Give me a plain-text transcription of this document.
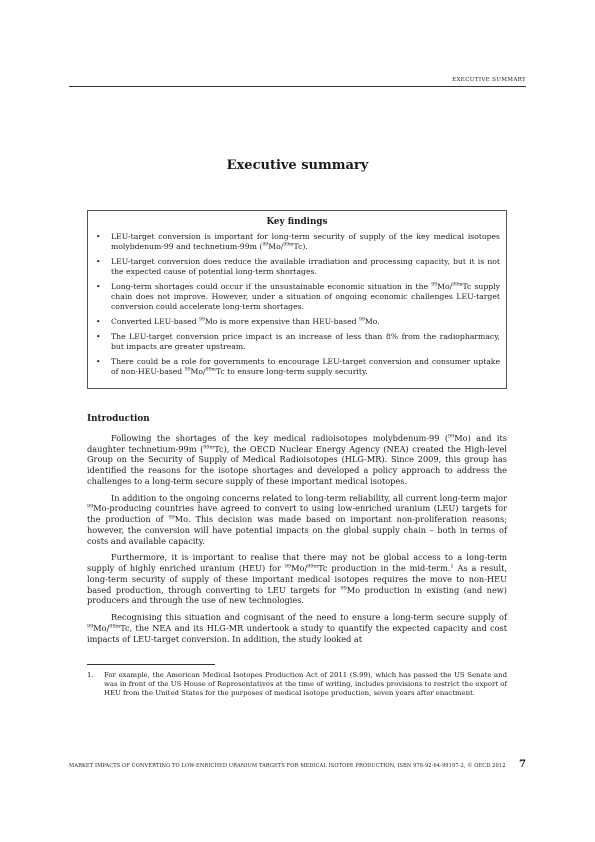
EXECUTIVE SUMMARY
Executive summary
Key findings
• LEU-target conversion is important for long-term security of supply of the key medical isotopes molybdenum-99 and technetium-99m ($^{99}$Mo/$^{99m}$Tc).
• LEU-target conversion does reduce the available irradiation and processing capacity, but it is not the expected cause of potential long-term shortages.
• Long-term shortages could occur if the unsustainable economic situation in the $^{99}$Mo/$^{99m}$Tc supply chain does not improve. However, under a situation of ongoing economic challenges LEU-target conversion could accelerate long-term shortages.
• Converted LEU-based $^{99}$Mo is more expensive than HEU-based $^{99}$Mo.
• The LEU-target conversion price impact is an increase of less than 8% from the radiopharmacy, but impacts are greater upstream.
• There could be a role for governments to encourage LEU-target conversion and consumer uptake of non-HEU-based $^{99}$Mo/$^{99m}$Tc to ensure long-term supply security.
Introduction

Following the shortages of the key medical radioisotopes molybdenum-99 ($^{99}$Mo) and its daughter technetium-99m ($^{99m}$Tc), the OECD Nuclear Energy Agency (NEA) created the High-level Group on the Security of Supply of Medical Radioisotopes (HLG-MR). Since 2009, this group has identified the reasons for the isotope shortages and developed a policy approach to address the challenges to a long-term secure supply of these important medical isotopes.

In addition to the ongoing concerns related to long-term reliability, all current long-term major $^{99}$Mo-producing countries have agreed to convert to using low-enriched uranium (LEU) targets for the production of $^{99}$Mo. This decision was made based on important non-proliferation reasons; however, the conversion will have potential impacts on the global supply chain – both in terms of costs and available capacity.

Furthermore, it is important to realise that there may not be global access to a long-term supply of highly enriched uranium (HEU) for $^{99}$Mo/$^{99m}$Tc production in the mid-term.$^1$ As a result, long-term security of supply of these important medical isotopes requires the move to non-HEU based production, through converting to LEU targets for $^{99}$Mo production in existing (and new) producers and through the use of new technologies.

Recognising this situation and cognisant of the need to ensure a long-term secure supply of $^{99}$Mo/$^{99m}$Tc, the NEA and its HLG-MR undertook a study to quantify the expected capacity and cost impacts of LEU-target conversion. In addition, the study looked at

1.	For example, the American Medical Isotopes Production Act of 2011 (S.99), which has passed the US Senate and was in front of the US House of Representatives at the time of writing, includes provisions to restrict the export of HEU from the United States for the purposes of medical isotope production, seven years after enactment.
MARKET IMPACTS OF CONVERTING TO LOW-ENRICHED URANIUM TARGETS FOR MEDICAL ISOTOPE PRODUCTION, ISBN 978-92-64-99197-2, © OECD 2012 7
